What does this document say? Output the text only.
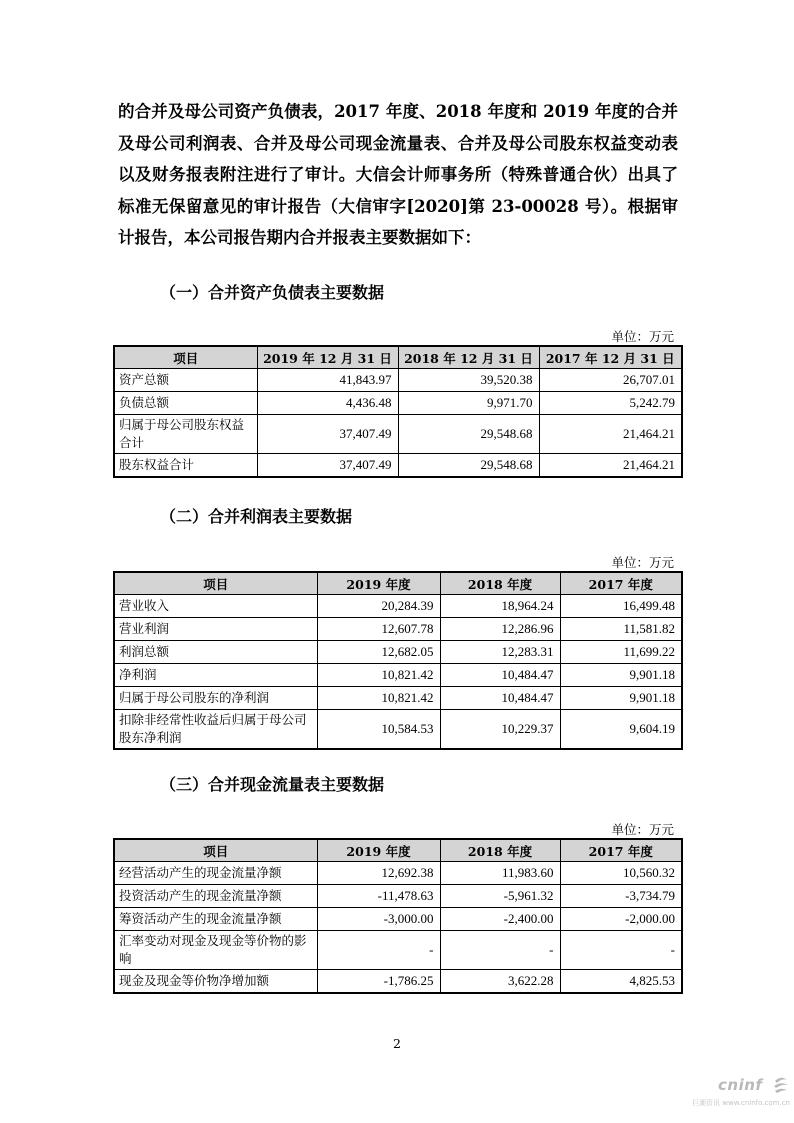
的合并及母公司资产负债表，2017 年度、2018 年度和 2019 年度的合并及母公司利润表、合并及母公司现金流量表、合并及母公司股东权益变动表以及财务报表附注进行了审计。大信会计师事务所（特殊普通合伙）出具了标准无保留意见的审计报告（大信审字[2020]第 23-00028 号）。根据审计报告，本公司报告期内合并报表主要数据如下：

（一）合并资产负债表主要数据

单位：万元
项目	2019 年 12 月 31 日	2018 年 12 月 31 日	2017 年 12 月 31 日
资产总额	41,843.97	39,520.38	26,707.01
负债总额	4,436.48	9,971.70	5,242.79
归属于母公司股东权益合计	37,407.49	29,548.68	21,464.21
股东权益合计	37,407.49	29,548.68	21,464.21

（二）合并利润表主要数据

单位：万元
项目	2019 年度	2018 年度	2017 年度
营业收入	20,284.39	18,964.24	16,499.48
营业利润	12,607.78	12,286.96	11,581.82
利润总额	12,682.05	12,283.31	11,699.22
净利润	10,821.42	10,484.47	9,901.18
归属于母公司股东的净利润	10,821.42	10,484.47	9,901.18
扣除非经常性收益后归属于母公司股东净利润	10,584.53	10,229.37	9,604.19

（三）合并现金流量表主要数据

单位：万元
项目	2019 年度	2018 年度	2017 年度
经营活动产生的现金流量净额	12,692.38	11,983.60	10,560.32
投资活动产生的现金流量净额	-11,478.63	-5,961.32	-3,734.79
筹资活动产生的现金流量净额	-3,000.00	-2,400.00	-2,000.00
汇率变动对现金及现金等价物的影响	-	-	-
现金及现金等价物净增加额	-1,786.25	3,622.28	4,825.53
2
cninf
巨潮资讯 www.cninfo.com.cn
